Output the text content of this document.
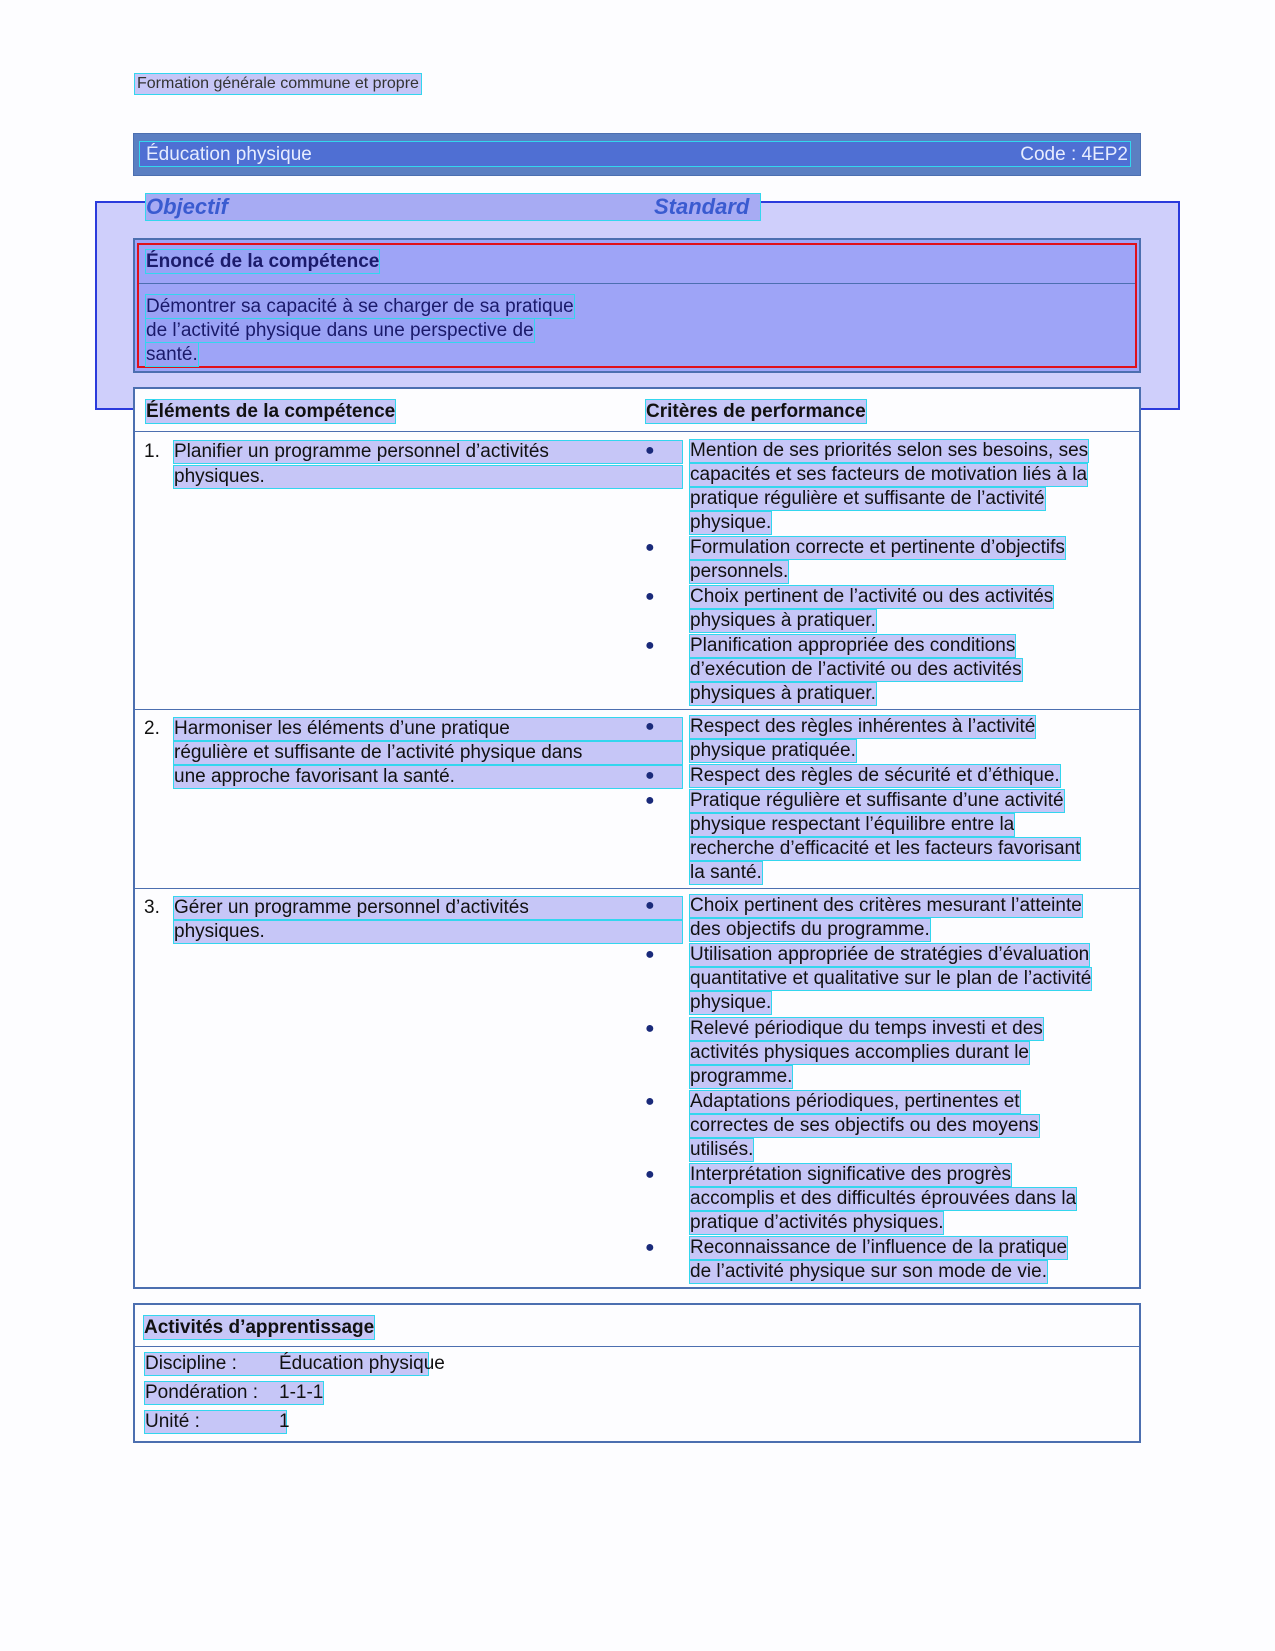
Formation générale commune et propre
Éducation physique	Code : 4EP2
Objectif	Standard
Énoncé de la compétence
Démontrer sa capacité à se charger de sa pratique
de l’activité physique dans une perspective de
santé.
Éléments de la compétence	Critères de performance
1. Planifier un programme personnel d’activités
physiques.
● Mention de ses priorités selon ses besoins, ses
capacités et ses facteurs de motivation liés à la
pratique régulière et suffisante de l’activité
physique.
● Formulation correcte et pertinente d’objectifs
personnels.
● Choix pertinent de l’activité ou des activités
physiques à pratiquer.
● Planification appropriée des conditions
d’exécution de l’activité ou des activités
physiques à pratiquer.
2. Harmoniser les éléments d’une pratique
régulière et suffisante de l’activité physique dans
une approche favorisant la santé.
● Respect des règles inhérentes à l’activité
physique pratiquée.
● Respect des règles de sécurité et d’éthique.
● Pratique régulière et suffisante d’une activité
physique respectant l’équilibre entre la
recherche d’efficacité et les facteurs favorisant
la santé.
3. Gérer un programme personnel d’activités
physiques.
● Choix pertinent des critères mesurant l’atteinte
des objectifs du programme.
● Utilisation appropriée de stratégies d’évaluation
quantitative et qualitative sur le plan de l’activité
physique.
● Relevé périodique du temps investi et des
activités physiques accomplies durant le
programme.
● Adaptations périodiques, pertinentes et
correctes de ses objectifs ou des moyens
utilisés.
● Interprétation significative des progrès
accomplis et des difficultés éprouvées dans la
pratique d’activités physiques.
● Reconnaissance de l’influence de la pratique
de l’activité physique sur son mode de vie.
Activités d’apprentissage
Discipline :	Éducation physique
Pondération :	1-1-1
Unité :	1
